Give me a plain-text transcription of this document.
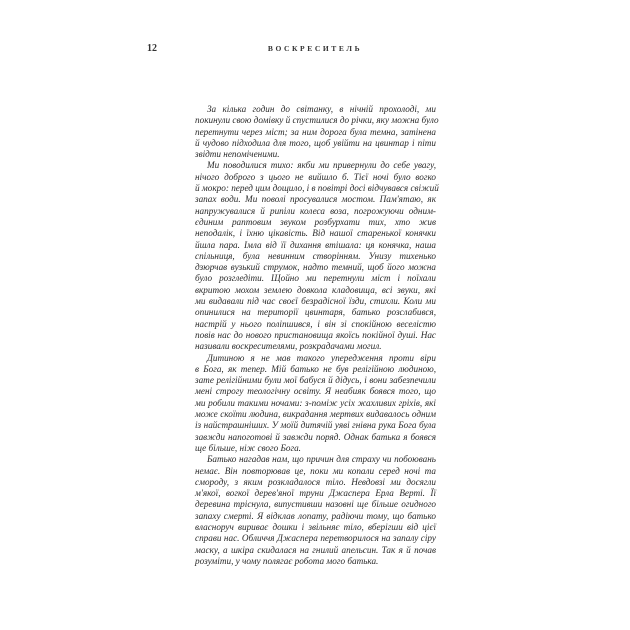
12	ВОСКРЕСИТЕЛЬ
За кілька годин до світанку, в нічній прохолоді, ми
покинули свою домівку й спустилися до річки, яку можна було
перетнути через міст; за ним дорога була темна, затінена
й чудово підходила для того, щоб увійти на цвинтар і піти
звідти непоміченими.
Ми поводилися тихо: якби ми привернули до себе увагу,
нічого доброго з цього не вийшло б. Тієї ночі було вогко
й мокро: перед цим дощило, і в повітрі досі відчувався свіжий
запах води. Ми поволі просувалися мостом. Пам'ятаю, як
напружувалися й рипіли колеса воза, погрожуючи одним-
єдиним раптовим звуком розбурхати тих, хто жив
неподалік, і їхню цікавість. Від нашої старенької конячки
йшла пара. Імла від її дихання втішала: ця конячка, наша
спільниця, була невинним створінням. Унизу тихенько
дзюрчав вузький струмок, надто темний, щоб його можна
було розгледіти. Щойно ми перетнули міст і поїхали
вкритою мохом землею довкола кладовища, всі звуки, які
ми видавали під час своєї безрадісної їзди, стихли. Коли ми
опинилися на території цвинтаря, батько розслабився,
настрій у нього поліпшився, і він зі спокійною веселістю
повів нас до нового пристановища якоїсь покійної душі. Нас
називали воскресителями, розкрадачами могил.
Дитиною я не мав такого упередження проти віри
в Бога, як тепер. Мій батько не був релігійною людиною,
зате релігійними були мої бабуся й дідусь, і вони забезпечили
мені строгу теологічну освіту. Я неабияк боявся того, що
ми робили такими ночами: з-поміж усіх жахливих гріхів, які
може скоїти людина, викрадання мертвих видавалось одним
із найстрашніших. У моїй дитячій уяві гнівна рука Бога була
завжди напоготові й завжди поряд. Однак батька я боявся
ще більше, ніж свого Бога.
Батько нагадав нам, що причин для страху чи побоювань
немає. Він повторював це, поки ми копали серед ночі та
смороду, з яким розкладалося тіло. Невдовзі ми досягли
м'якої, вогкої дерев'яної труни Джаспера Ерла Верті. Її
деревина тріснула, випустивши назовні ще більше огидного
запаху смерті. Я відклав лопату, радіючи тому, що батько
власноруч вириває дошки і звільняє тіло, вберігши від цієї
справи нас. Обличчя Джаспера перетворилося на запалу сіру
маску, а шкіра скидалася на гнилий апельсин. Так я й почав
розуміти, у чому полягає робота мого батька.
